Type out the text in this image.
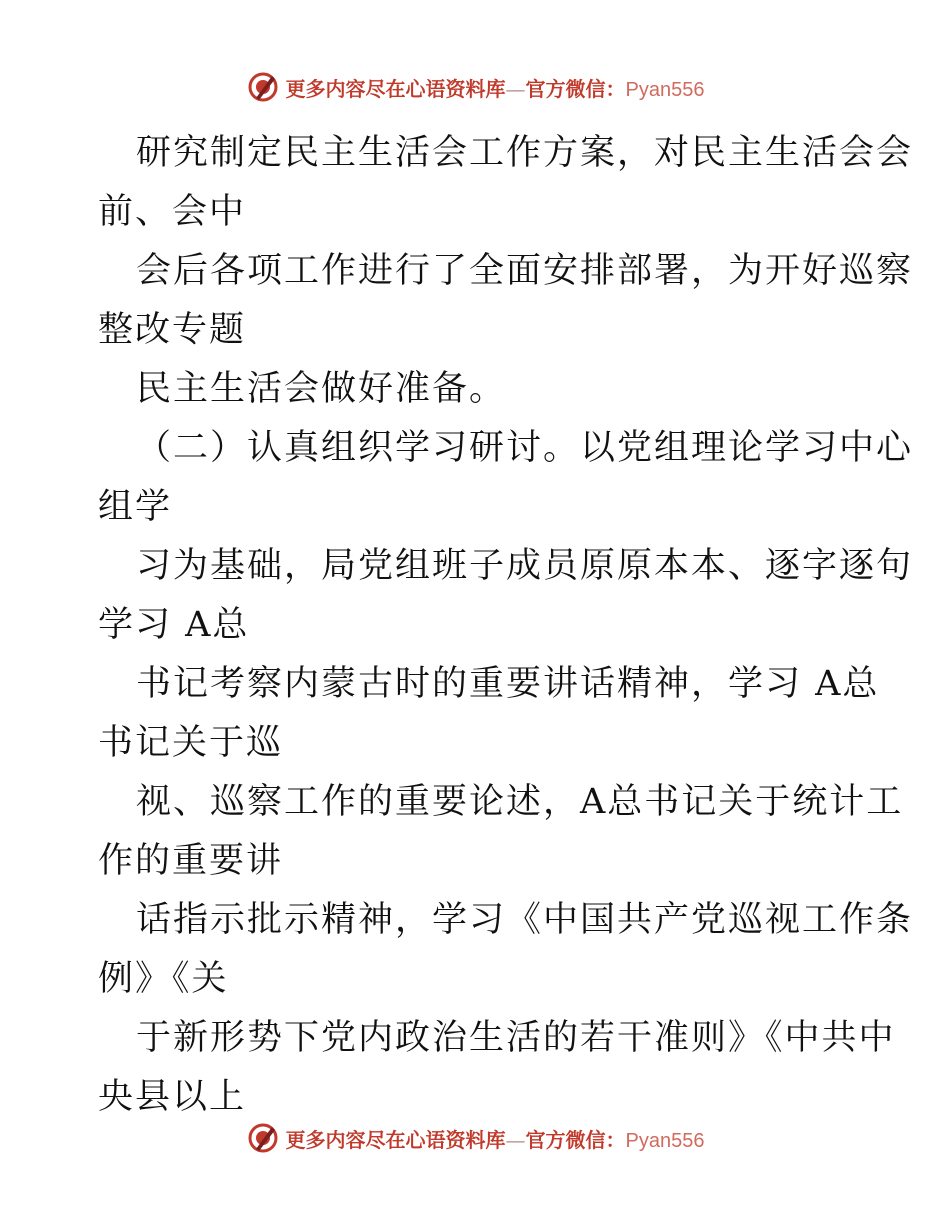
更多内容尽在心语资料库—官方微信：Pyan556
研究制定民主生活会工作方案，对民主生活会会
前、会中
会后各项工作进行了全面安排部署，为开好巡察
整改专题
民主生活会做好准备。
（二）认真组织学习研讨。以党组理论学习中心
组学
习为基础，局党组班子成员原原本本、逐字逐句
学习 A总
书记考察内蒙古时的重要讲话精神，学习 A总
书记关于巡
视、巡察工作的重要论述，A总书记关于统计工
作的重要讲
话指示批示精神，学习《中国共产党巡视工作条
例》《关
于新形势下党内政治生活的若干准则》《中共中
央县以上
更多内容尽在心语资料库—官方微信：Pyan556
